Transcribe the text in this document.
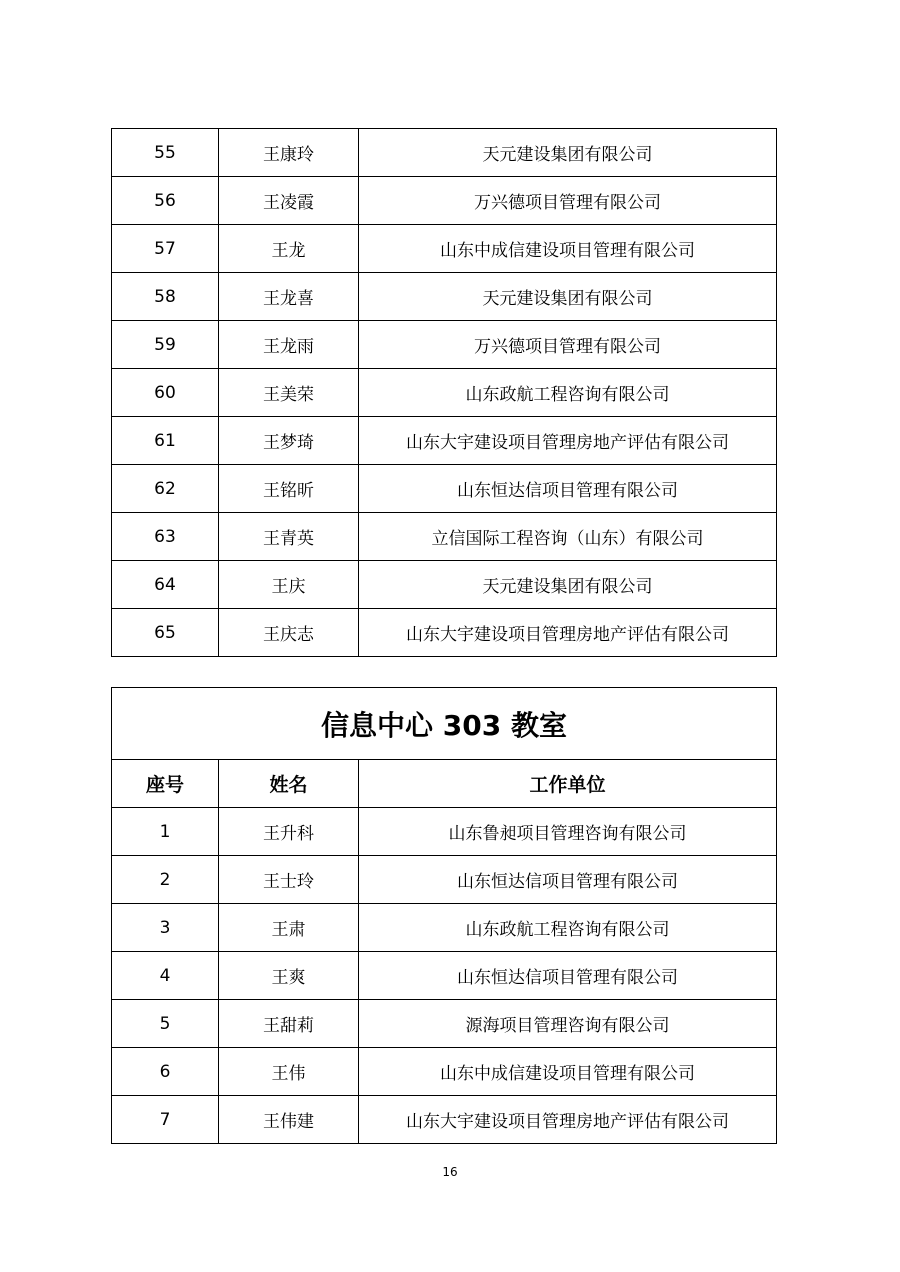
55	王康玲	天元建设集团有限公司
56	王凌霞	万兴德项目管理有限公司
57	王龙	山东中成信建设项目管理有限公司
58	王龙喜	天元建设集团有限公司
59	王龙雨	万兴德项目管理有限公司
60	王美荣	山东政航工程咨询有限公司
61	王梦琦	山东大宇建设项目管理房地产评估有限公司
62	王铭昕	山东恒达信项目管理有限公司
63	王青英	立信国际工程咨询（山东）有限公司
64	王庆	天元建设集团有限公司
65	王庆志	山东大宇建设项目管理房地产评估有限公司
信息中心 303 教室		
座号	姓名	工作单位
1	王升科	山东鲁昶项目管理咨询有限公司
2	王士玲	山东恒达信项目管理有限公司
3	王肃	山东政航工程咨询有限公司
4	王爽	山东恒达信项目管理有限公司
5	王甜莉	源海项目管理咨询有限公司
6	王伟	山东中成信建设项目管理有限公司
7	王伟建	山东大宇建设项目管理房地产评估有限公司
16
